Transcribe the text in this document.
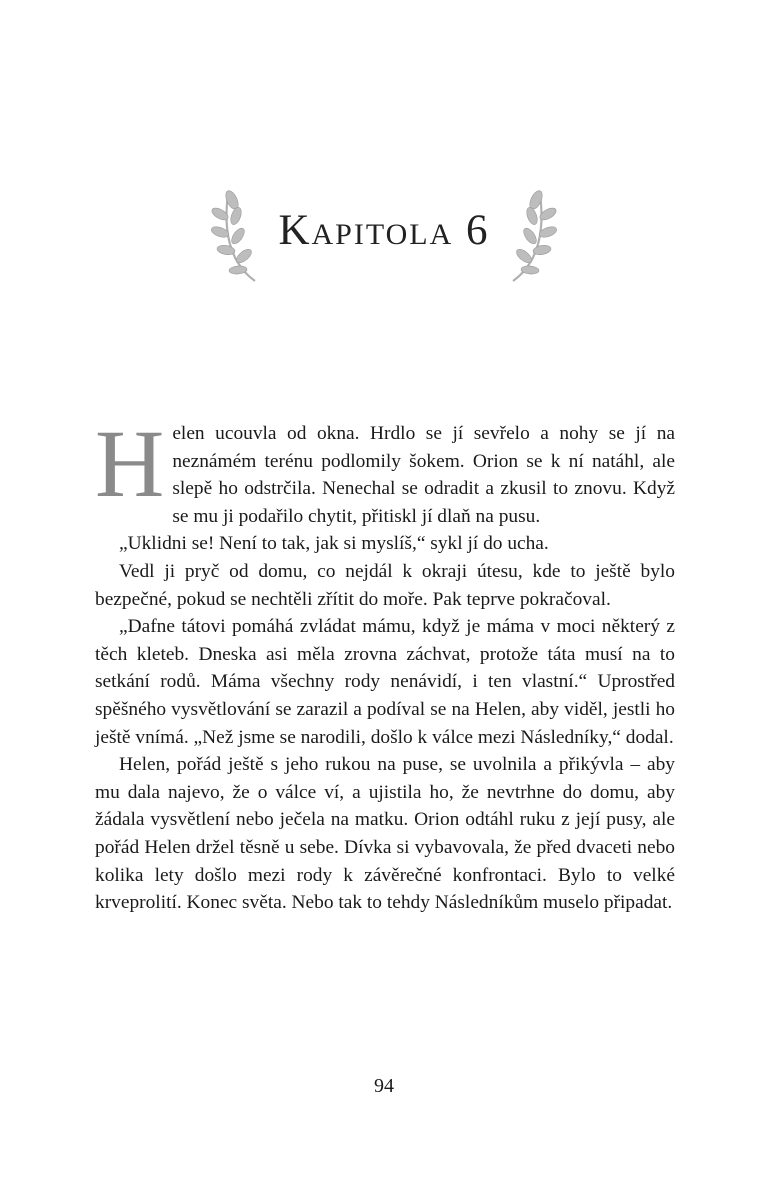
Kapitola 6

Helen ucouvla od okna. Hrdlo se jí sevřelo a nohy se jí na neznámém terénu podlomily šokem. Orion se k ní natáhl, ale slepě ho odstrčila. Nenechal se odradit a zkusil to znovu. Když se mu ji podařilo chytit, přitiskl jí dlaň na pusu.

„Uklidni se! Není to tak, jak si myslíš,“ sykl jí do ucha.

Vedl ji pryč od domu, co nejdál k okraji útesu, kde to ještě bylo bezpečné, pokud se nechtěli zřítit do moře. Pak teprve pokračoval.

„Dafne tátovi pomáhá zvládat mámu, když je máma v moci některý z těch kleteb. Dneska asi měla zrovna záchvat, protože táta musí na to setkání rodů. Máma všechny rody nenávidí, i ten vlastní.“ Uprostřed spěšného vysvětlování se zarazil a podíval se na Helen, aby viděl, jestli ho ještě vnímá. „Než jsme se narodili, došlo k válce mezi Následníky,“ dodal.

Helen, pořád ještě s jeho rukou na puse, se uvolnila a přikývla – aby mu dala najevo, že o válce ví, a ujistila ho, že nevtrhne do domu, aby žádala vysvětlení nebo ječela na matku. Orion odtáhl ruku z její pusy, ale pořád Helen držel těsně u sebe. Dívka si vybavovala, že před dvaceti nebo kolika lety došlo mezi rody k závěrečné konfrontaci. Bylo to velké krveprolití. Konec světa. Nebo tak to tehdy Následníkům muselo připadat.

94
